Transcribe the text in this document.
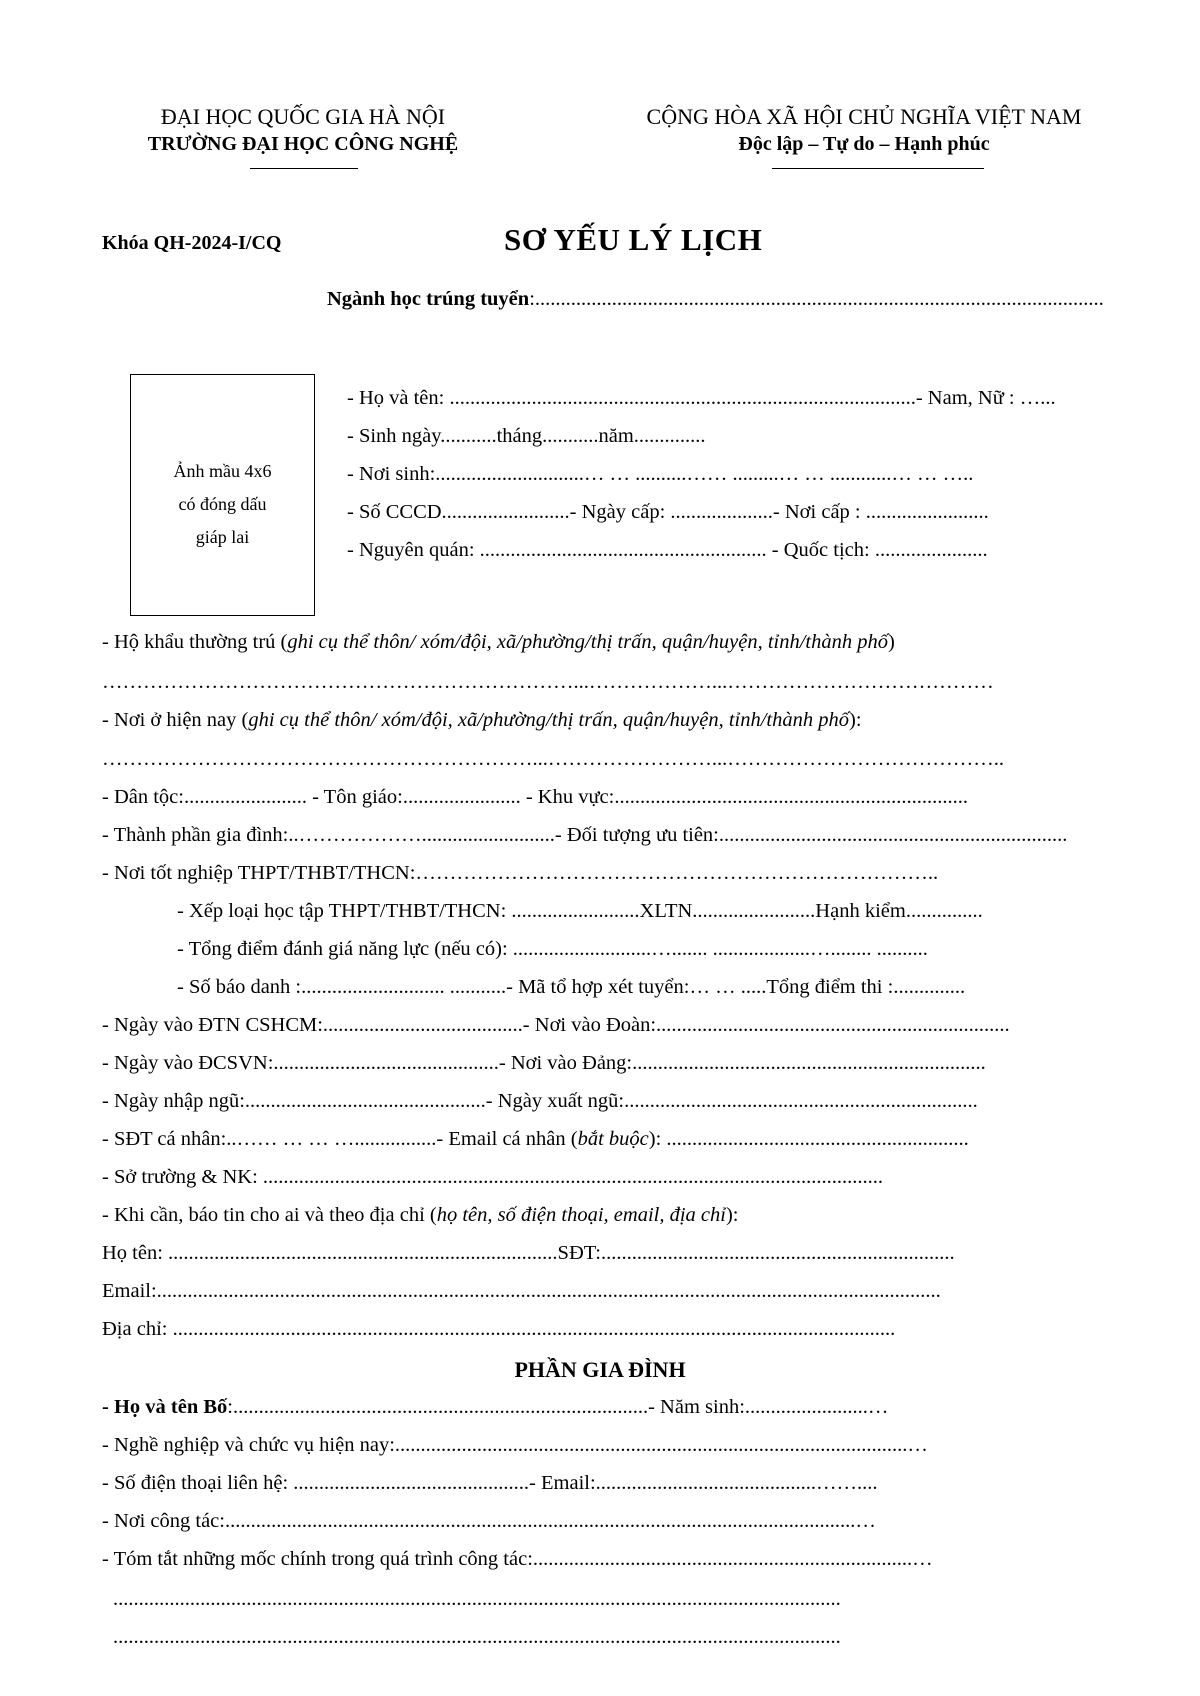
ĐẠI HỌC QUỐC GIA HÀ NỘI
TRƯỜNG ĐẠI HỌC CÔNG NGHỆ
CỘNG HÒA XÃ HỘI CHỦ NGHĨA VIỆT NAM
Độc lập – Tự do – Hạnh phúc
Khóa QH-2024-I/CQ	SƠ YẾU LÝ LỊCH
Ngành học trúng tuyển:...............................................................................................................
Ảnh mầu 4x6
có đóng dấu
giáp lai
- Họ và tên: ...........................................................................................- Nam, Nữ : …...
- Sinh ngày...........tháng...........năm..............
- Nơi sinh:.............................… … ..........…… .........… … ............… … …..
- Số CCCD.........................- Ngày cấp: ....................- Nơi cấp : ........................
- Nguyên quán: ........................................................ - Quốc tịch: ......................
- Hộ khẩu thường trú (ghi cụ thể thôn/ xóm/đội, xã/phường/thị trấn, quận/huyện, tỉnh/thành phố)
……………………………………………………………...………………...…………………………………
- Nơi ở hiện nay (ghi cụ thể thôn/ xóm/đội, xã/phường/thị trấn, quận/huyện, tỉnh/thành phố):
………………………………………………………...……………………...…………………………………..
- Dân tộc:........................ - Tôn giáo:....................... - Khu vực:.....................................................................
- Thành phần gia đình:..………………..........................- Đối tượng ưu tiên:....................................................................
- Nơi tốt nghiệp THPT/THBT/THCN:…………………………………………………………………..
- Xếp loại học tập THPT/THBT/THCN: .........................XLTN........................Hạnh kiểm...............
- Tổng điểm đánh giá năng lực (nếu có): ...........................…....... ...................…........ ..........
- Số báo danh :............................ ...........- Mã tổ hợp xét tuyển:… … .....Tổng điểm thi :..............
- Ngày vào ĐTN CSHCM:.......................................- Nơi vào Đoàn:.....................................................................
- Ngày vào ĐCSVN:............................................- Nơi vào Đảng:.....................................................................
- Ngày nhập ngũ:...............................................- Ngày xuất ngũ:.....................................................................
- SĐT cá nhân:..…… … … …................- Email cá nhân (bắt buộc): ...........................................................
- Sở trường & NK: .........................................................................................................................
- Khi cần, báo tin cho ai và theo địa chỉ (họ tên, số điện thoại, email, địa chỉ):
Họ tên: ............................................................................SĐT:.....................................................................
Email:.........................................................................................................................................................
Địa chỉ: .............................................................................................................................................
PHẦN GIA ĐÌNH
- Họ và tên Bố:.................................................................................- Năm sinh:........................…
- Nghề nghiệp và chức vụ hiện nay:....................................................................................................…
- Số điện thoại liên hệ: ..............................................- Email:...........................................……....
- Nơi công tác:...........................................................................................................................…
- Tóm tắt những mốc chính trong quá trình công tác:..........................................................................…
..............................................................................................................................................
..............................................................................................................................................
